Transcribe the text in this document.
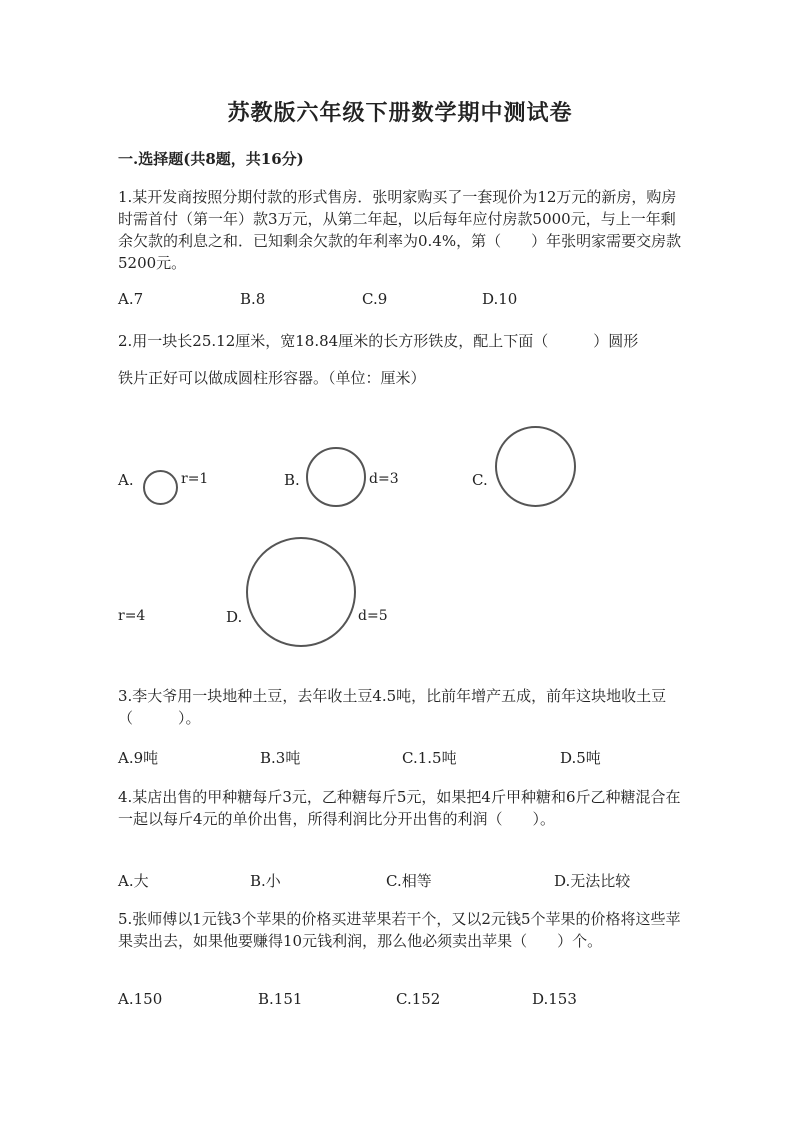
苏教版六年级下册数学期中测试卷
一.选择题(共8题，共16分)
1.某开发商按照分期付款的形式售房．张明家购买了一套现价为12万元的新房，购房时需首付（第一年）款3万元，从第二年起，以后每年应付房款5000元，与上一年剩余欠款的利息之和．已知剩余欠款的年利率为0.4%，第（　　）年张明家需要交房款5200元。
A.7	B.8	C.9	D.10
2.用一块长25.12厘米，宽18.84厘米的长方形铁皮，配上下面（　　　）圆形
铁片正好可以做成圆柱形容器。（单位：厘米）
A.	r=1	B.	d=3	C.
r=4	D.	d=5
3.李大爷用一块地种土豆，去年收土豆4.5吨，比前年增产五成，前年这块地收土豆（　　　）。
A.9吨	B.3吨	C.1.5吨	D.5吨
4.某店出售的甲种糖每斤3元，乙种糖每斤5元，如果把4斤甲种糖和6斤乙种糖混合在一起以每斤4元的单价出售，所得利润比分开出售的利润（　　）。
A.大	B.小	C.相等	D.无法比较
5.张师傅以1元钱3个苹果的价格买进苹果若干个，又以2元钱5个苹果的价格将这些苹果卖出去，如果他要赚得10元钱利润，那么他必须卖出苹果（　　）个。
A.150	B.151	C.152	D.153
